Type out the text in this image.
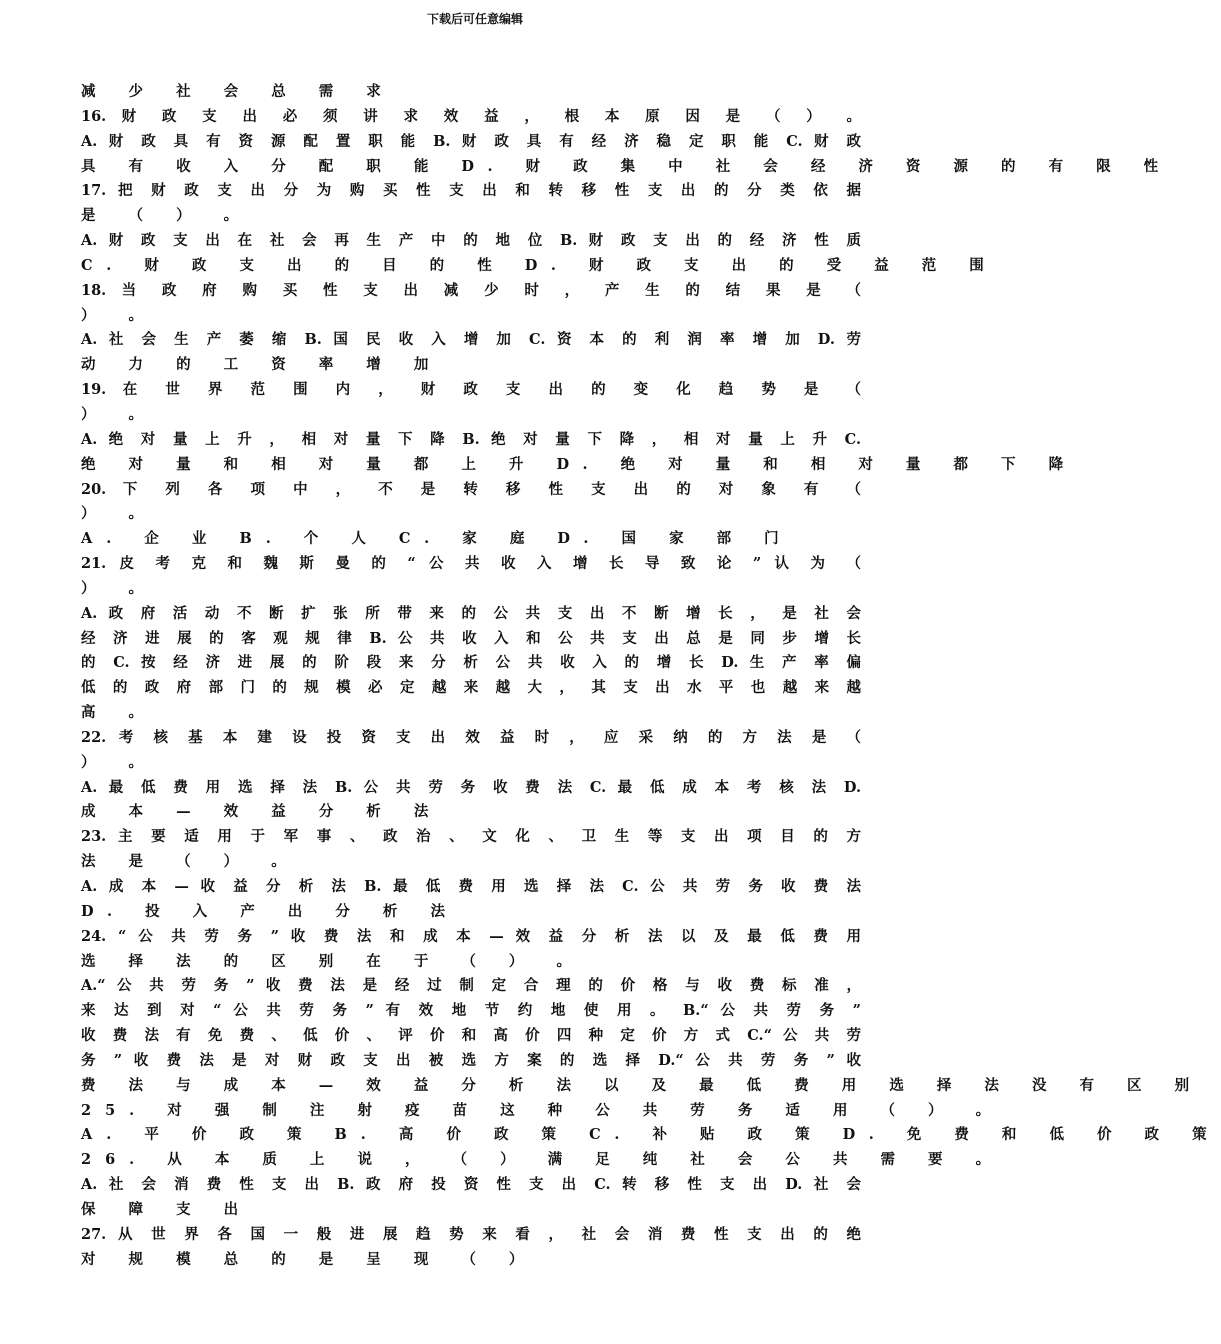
下载后可任意编辑
减 少 社 会 总 需 求
16. 财 政 支 出 必 须 讲 求 效 益 ， 根 本 原 因 是 （ ） 。
A. 财 政 具 有 资 源 配 置 职 能 B. 财 政 具 有 经 济 稳 定 职 能 C. 财 政
具 有 收 入 分 配 职 能 D. 财 政 集 中 社 会 经 济 资 源 的 有 限 性
17. 把 财 政 支 出 分 为 购 买 性 支 出 和 转 移 性 支 出 的 分 类 依 据
是 （ ） 。
A. 财 政 支 出 在 社 会 再 生 产 中 的 地 位 B. 财 政 支 出 的 经 济 性 质
C. 财 政 支 出 的 目 的 性 D. 财 政 支 出 的 受 益 范 围
18. 当 政 府 购 买 性 支 出 减 少 时 ， 产 生 的 结 果 是 （
） 。
A. 社 会 生 产 萎 缩 B. 国 民 收 入 增 加 C. 资 本 的 利 润 率 增 加 D. 劳
动 力 的 工 资 率 增 加
19. 在 世 界 范 围 内 ， 财 政 支 出 的 变 化 趋 势 是 （
） 。
A. 绝 对 量 上 升 ， 相 对 量 下 降 B. 绝 对 量 下 降 ， 相 对 量 上 升 C.
绝 对 量 和 相 对 量 都 上 升 D. 绝 对 量 和 相 对 量 都 下 降
20. 下 列 各 项 中 ， 不 是 转 移 性 支 出 的 对 象 有 （
） 。
A. 企 业 B. 个 人 C. 家 庭 D. 国 家 部 门
21. 皮 考 克 和 魏 斯 曼 的 “ 公 共 收 入 增 长 导 致 论 ” 认 为 （
） 。
A. 政 府 活 动 不 断 扩 张 所 带 来 的 公 共 支 出 不 断 增 长 ， 是 社 会
经 济 进 展 的 客 观 规 律 B. 公 共 收 入 和 公 共 支 出 总 是 同 步 增 长
的 C. 按 经 济 进 展 的 阶 段 来 分 析 公 共 收 入 的 增 长 D. 生 产 率 偏
低 的 政 府 部 门 的 规 模 必 定 越 来 越 大 ， 其 支 出 水 平 也 越 来 越
高 。
22. 考 核 基 本 建 设 投 资 支 出 效 益 时 ， 应 采 纳 的 方 法 是 （
） 。
A. 最 低 费 用 选 择 法 B. 公 共 劳 务 收 费 法 C. 最 低 成 本 考 核 法 D.
成 本 — 效 益 分 析 法
23. 主 要 适 用 于 军 事 、 政 治 、 文 化 、 卫 生 等 支 出 项 目 的 方
法 是 （ ） 。
A. 成 本 — 收 益 分 析 法 B. 最 低 费 用 选 择 法 C. 公 共 劳 务 收 费 法
D. 投 入 产 出 分 析 法
24. “ 公 共 劳 务 ” 收 费 法 和 成 本 — 效 益 分 析 法 以 及 最 低 费 用
选 择 法 的 区 别 在 于 （ ） 。
A.“ 公 共 劳 务 ” 收 费 法 是 经 过 制 定 合 理 的 价 格 与 收 费 标 准 ，
来 达 到 对 “ 公 共 劳 务 ” 有 效 地 节 约 地 使 用 。 B.“ 公 共 劳 务 ”
收 费 法 有 免 费 、 低 价 、 评 价 和 高 价 四 种 定 价 方 式 C.“ 公 共 劳
务 ” 收 费 法 是 对 财 政 支 出 被 选 方 案 的 选 择 D.“ 公 共 劳 务 ” 收
费 法 与 成 本 — 效 益 分 析 法 以 及 最 低 费 用 选 择 法 没 有 区 别
25. 对 强 制 注 射 疫 苗 这 种 公 共 劳 务 适 用 （ ） 。
A. 平 价 政 策 B. 高 价 政 策 C. 补 贴 政 策 D. 免 费 和 低 价 政 策
26. 从 本 质 上 说 ， （ ） 满 足 纯 社 会 公 共 需 要 。
A. 社 会 消 费 性 支 出 B. 政 府 投 资 性 支 出 C. 转 移 性 支 出 D. 社 会
保 障 支 出
27. 从 世 界 各 国 一 般 进 展 趋 势 来 看 ， 社 会 消 费 性 支 出 的 绝
对 规 模 总 的 是 呈 现 （ ）
